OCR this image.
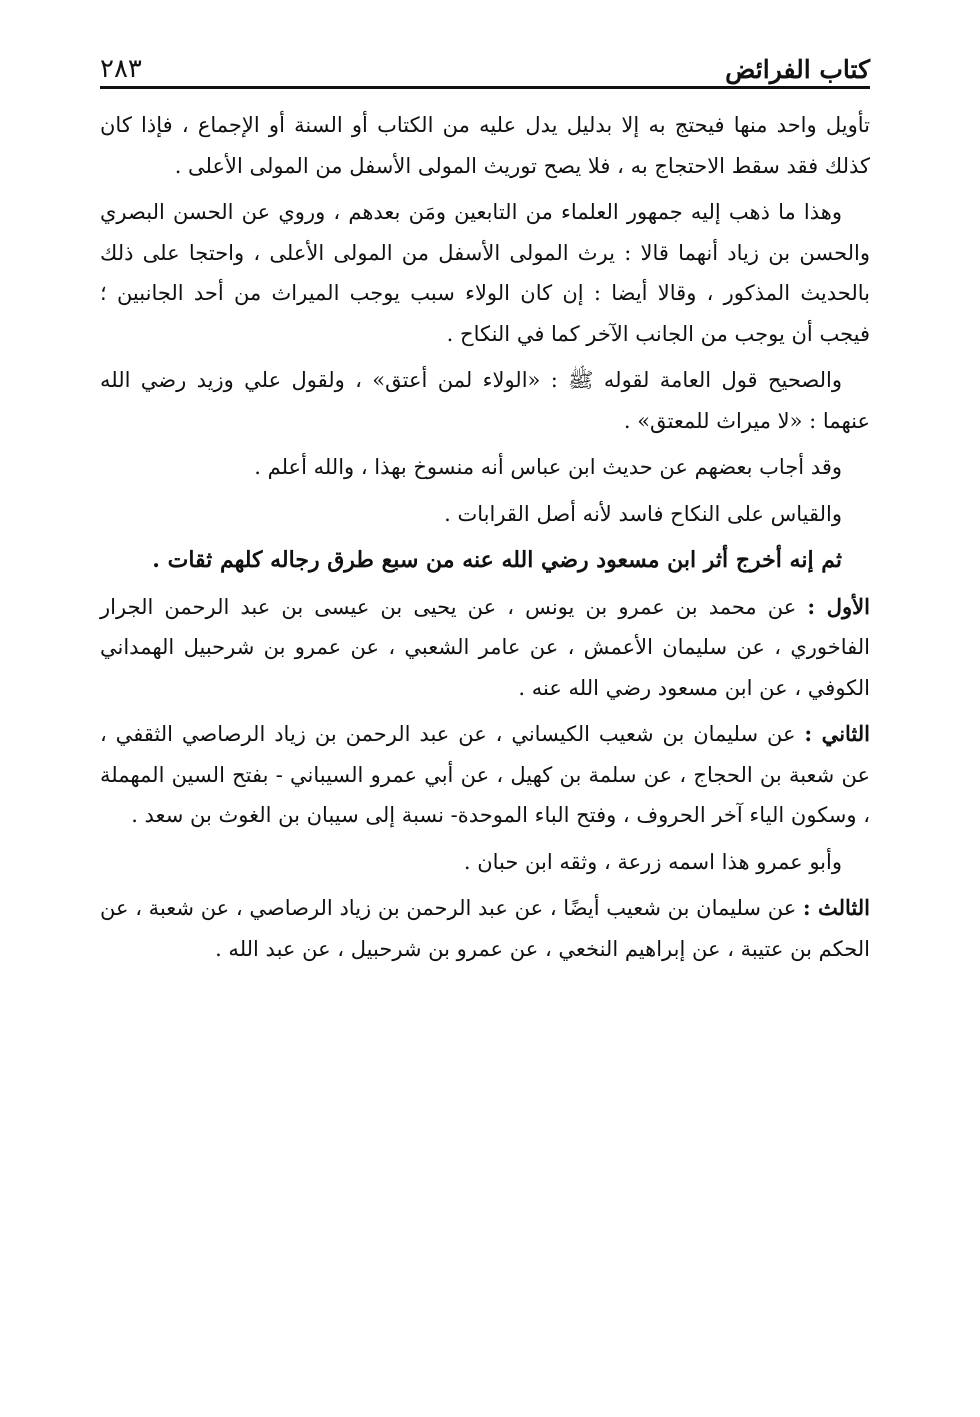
كتاب الفرائض
٢٨٣

تأويل واحد منها فيحتج به إلا بدليل يدل عليه من الكتاب أو السنة أو الإجماع ، فإذا كان كذلك فقد سقط الاحتجاج به ، فلا يصح توريث المولى الأسفل من المولى الأعلى .

وهذا ما ذهب إليه جمهور العلماء من التابعين ومَن بعدهم ، وروي عن الحسن البصري والحسن بن زياد أنهما قالا : يرث المولى الأسفل من المولى الأعلى ، واحتجا على ذلك بالحديث المذكور ، وقالا أيضا : إن كان الولاء سبب يوجب الميراث من أحد الجانبين ؛ فيجب أن يوجب من الجانب الآخر كما في النكاح .

والصحيح قول العامة لقوله ﷺ : «الولاء لمن أعتق» ، ولقول علي وزيد رضي الله عنهما : «لا ميراث للمعتق» .

وقد أجاب بعضهم عن حديث ابن عباس أنه منسوخ بهذا ، والله أعلم .

والقياس على النكاح فاسد لأنه أصل القرابات .

ثم إنه أخرج أثر ابن مسعود رضي الله عنه من سبع طرق رجاله كلهم ثقات .

الأول : عن محمد بن عمرو بن يونس ، عن يحيى بن عيسى بن عبد الرحمن الجرار الفاخوري ، عن سليمان الأعمش ، عن عامر الشعبي ، عن عمرو بن شرحبيل الهمداني الكوفي ، عن ابن مسعود رضي الله عنه .

الثاني : عن سليمان بن شعيب الكيساني ، عن عبد الرحمن بن زياد الرصاصي الثقفي ، عن شعبة بن الحجاج ، عن سلمة بن كهيل ، عن أبي عمرو السيباني - بفتح السين المهملة ، وسكون الياء آخر الحروف ، وفتح الباء الموحدة- نسبة إلى سيبان بن الغوث بن سعد .

وأبو عمرو هذا اسمه زرعة ، وثقه ابن حبان .

الثالث : عن سليمان بن شعيب أيضًا ، عن عبد الرحمن بن زياد الرصاصي ، عن شعبة ، عن الحكم بن عتيبة ، عن إبراهيم النخعي ، عن عمرو بن شرحبيل ، عن عبد الله .
